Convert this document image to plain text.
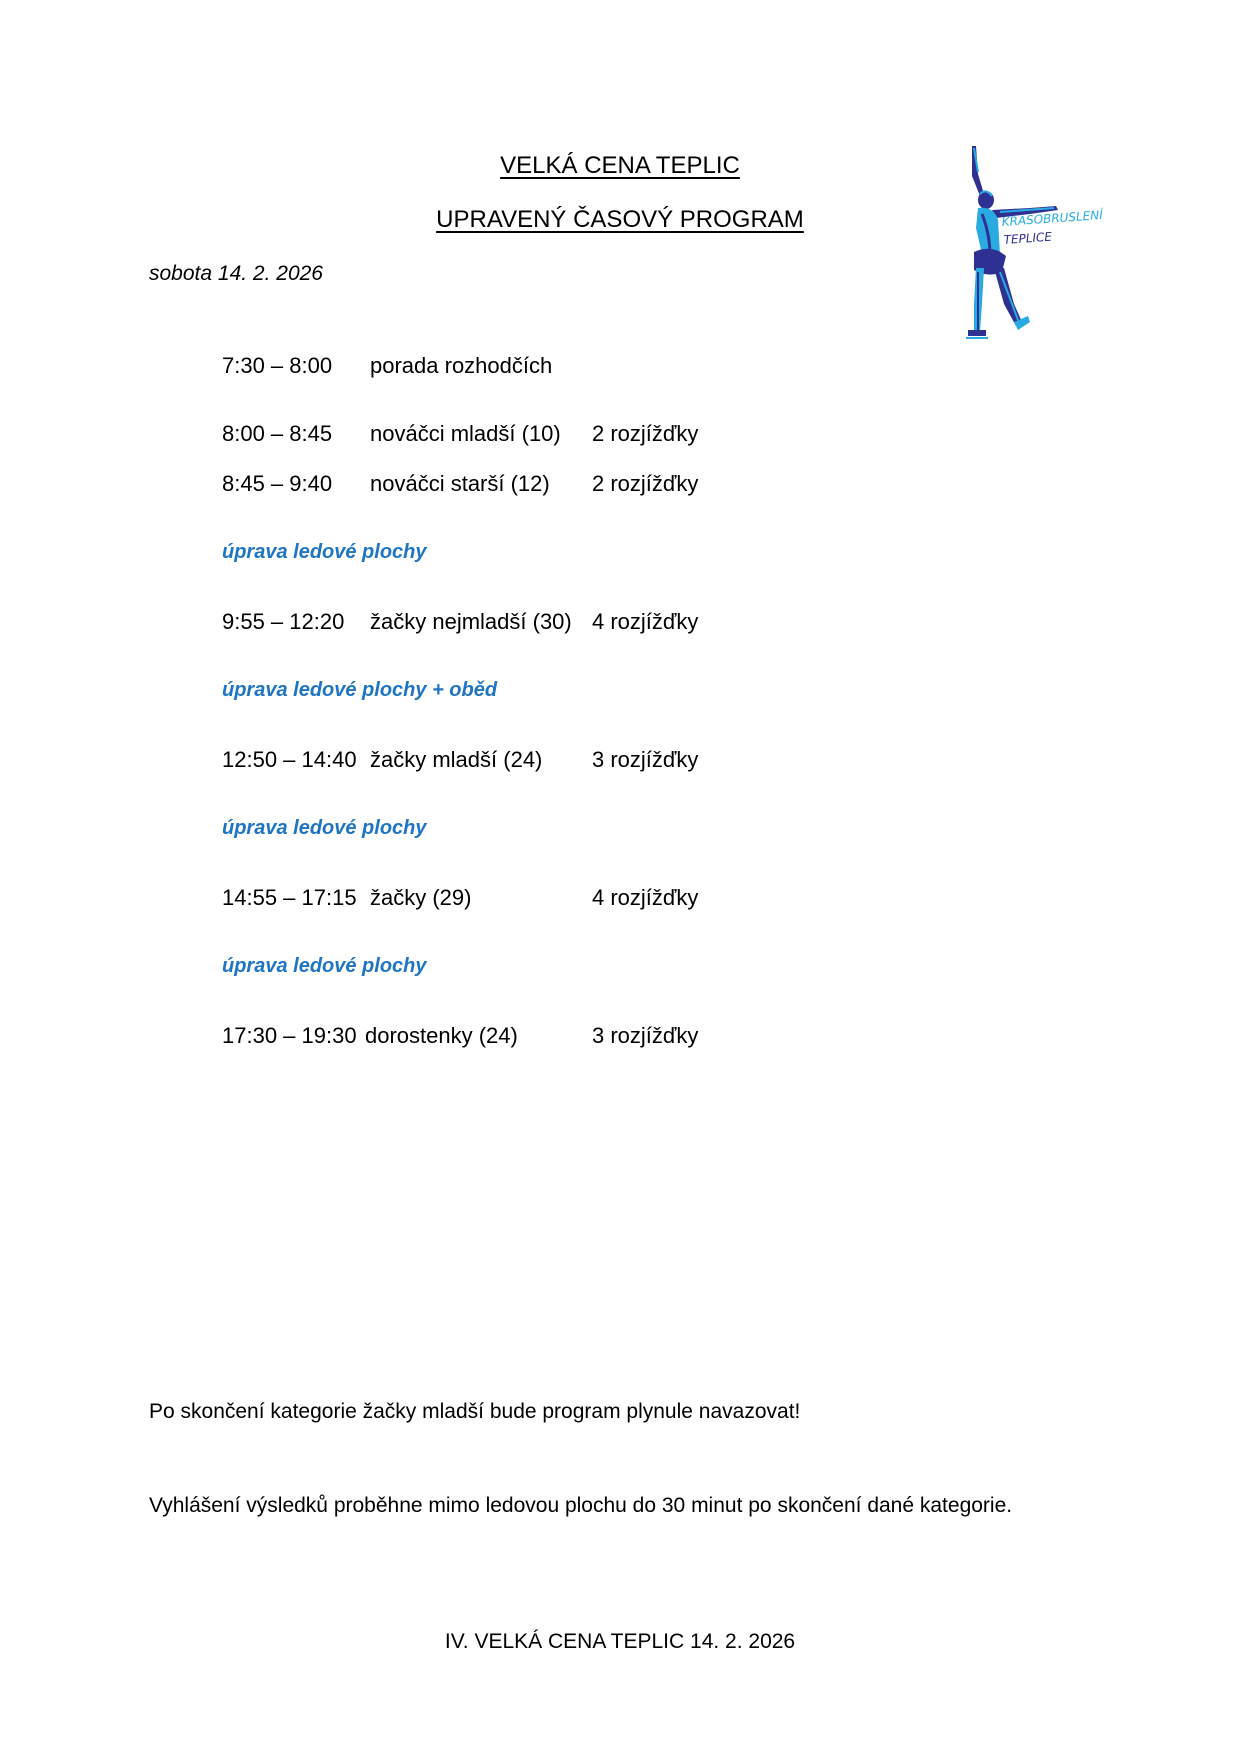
VELKÁ CENA TEPLIC
UPRAVENÝ ČASOVÝ PROGRAM
sobota 14. 2. 2026
KRASOBRUSLENÍ
TEPLICE
7:30 – 8:00 porada rozhodčích
8:00 – 8:45 nováčci mladší (10) 2 rozjížďky
8:45 – 9:40 nováčci starší (12) 2 rozjížďky
úprava ledové plochy
9:55 – 12:20 žačky nejmladší (30) 4 rozjížďky
úprava ledové plochy + oběd
12:50 – 14:40 žačky mladší (24) 3 rozjížďky
úprava ledové plochy
14:55 – 17:15 žačky (29)	4 rozjížďky
úprava ledové plochy
17:30 – 19:30 dorostenky (24)	3 rozjížďky
Po skončení kategorie žačky mladší bude program plynule navazovat!
Vyhlášení výsledků proběhne mimo ledovou plochu do 30 minut po skončení dané kategorie.
IV. VELKÁ CENA TEPLIC 14. 2. 2026
